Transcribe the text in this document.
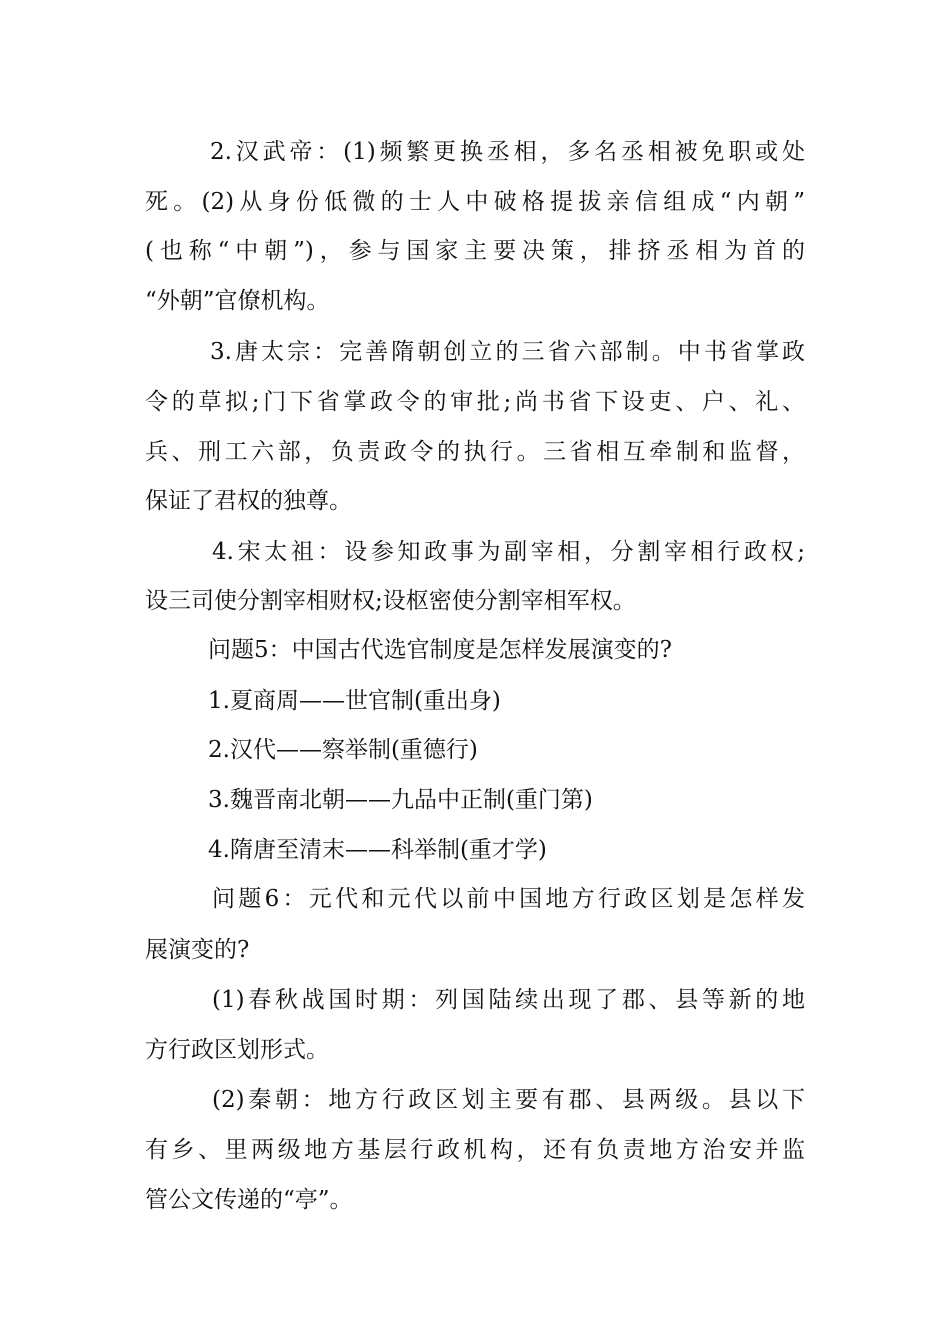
2.汉武帝：(1)频繁更换丞相，多名丞相被免职或处
死。(2)从身份低微的士人中破格提拔亲信组成“内朝”
(也称“中朝”)，参与国家主要决策，排挤丞相为首的
“外朝”官僚机构。
3.唐太宗：完善隋朝创立的三省六部制。中书省掌政
令的草拟;门下省掌政令的审批;尚书省下设吏、户、礼、
兵、刑工六部，负责政令的执行。三省相互牵制和监督，
保证了君权的独尊。
4.宋太祖：设参知政事为副宰相，分割宰相行政权;
设三司使分割宰相财权;设枢密使分割宰相军权。
问题5：中国古代选官制度是怎样发展演变的?
1.夏商周——世官制(重出身)
2.汉代——察举制(重德行)
3.魏晋南北朝——九品中正制(重门第)
4.隋唐至清末——科举制(重才学)
问题6：元代和元代以前中国地方行政区划是怎样发
展演变的?
(1)春秋战国时期：列国陆续出现了郡、县等新的地
方行政区划形式。
(2)秦朝：地方行政区划主要有郡、县两级。县以下
有乡、里两级地方基层行政机构，还有负责地方治安并监
管公文传递的“亭”。
